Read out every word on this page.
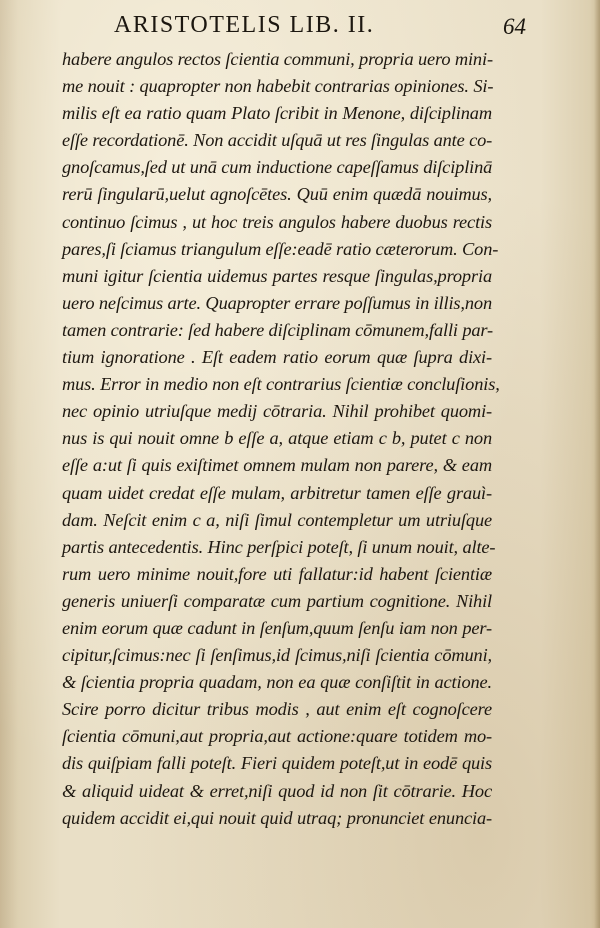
ARISTOTELIS LIB. II.	64
habere angulos rectos ſcientia communi, propria uero mini-
me nouit : quapropter non habebit contrarias opiniones. Si-
milis eſt ea ratio quam Plato ſcribit in Menone, diſciplinam
eſſe recordationē. Non accidit uſquā ut res ſingulas ante co-
gnoſcamus,ſed ut unā cum inductione capeſſamus diſciplinā
rerū ſingularū,uelut agnoſcētes. Quū enim quædā nouimus,
continuo ſcimus , ut hoc treis angulos habere duobus rectis
pares,ſi ſciamus triangulum eſſe:eadē ratio cæterorum. Con-
muni igitur ſcientia uidemus partes resque ſingulas,propria
uero neſcimus arte. Quapropter errare poſſumus in illis,non
tamen contrarie: ſed habere diſciplinam cōmunem,falli par-
tium ignoratione . Eſt eadem ratio eorum quæ ſupra dixi-
mus. Error in medio non eſt contrarius ſcientiæ concluſionis,
nec opinio utriuſque medij cōtraria. Nihil prohibet quomi-
nus is qui nouit omne b eſſe a, atque etiam c b, putet c non
eſſe a:ut ſi quis exiſtimet omnem mulam non parere, & eam
quam uidet credat eſſe mulam, arbitretur tamen eſſe grauì-
dam. Neſcit enim c a, niſi ſimul contempletur um utriuſque
partis antecedentis. Hinc perſpici poteſt, ſi unum nouit, alte-
rum uero minime nouit,fore uti fallatur:id habent ſcientiæ
generis uniuerſi comparatæ cum partium cognitione. Nihil
enim eorum quæ cadunt in ſenſum,quum ſenſu iam non per-
cipitur,ſcimus:nec ſi ſenſimus,id ſcimus,niſi ſcientia cōmuni,
& ſcientia propria quadam, non ea quæ conſiſtit in actione.
Scire porro dicitur tribus modis , aut enim eſt cognoſcere
ſcientia cōmuni,aut propria,aut actione:quare totidem mo-
dis quiſpiam falli poteſt. Fieri quidem poteſt,ut in eodē quis
& aliquid uideat & erret,niſi quod id non ſit cōtrarie. Hoc
quidem accidit ei,qui nouit quid utraq; pronunciet enuncia-
